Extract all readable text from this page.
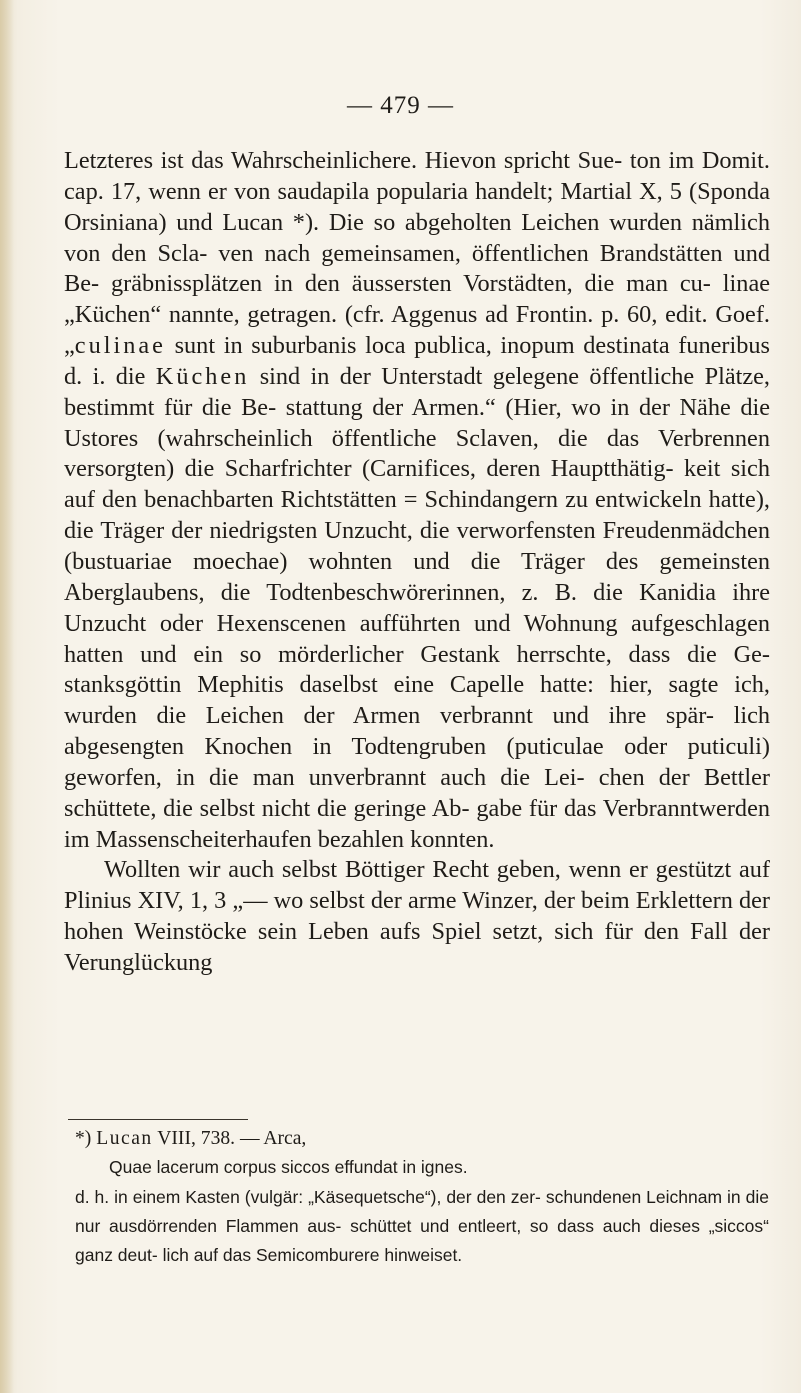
— 479 —

Letzteres ist das Wahrscheinlichere. Hievon spricht Sue- ton im Domit. cap. 17, wenn er von saudapila popularia handelt; Martial X, 5 (Sponda Orsiniana) und Lucan *). Die so abgeholten Leichen wurden nämlich von den Scla- ven nach gemeinsamen, öffentlichen Brandstätten und Be- gräbnissplätzen in den äussersten Vorstädten, die man cu- linae „Küchen“ nannte, getragen. (cfr. Aggenus ad Frontin. p. 60, edit. Goef. „culinae sunt in suburbanis loca publica, inopum destinata funeribus d. i. die Küchen sind in der Unterstadt gelegene öffentliche Plätze, bestimmt für die Be- stattung der Armen.“ (Hier, wo in der Nähe die Ustores (wahrscheinlich öffentliche Sclaven, die das Verbrennen versorgten) die Scharfrichter (Carnifices, deren Hauptthätig- keit sich auf den benachbarten Richtstätten = Schindangern zu entwickeln hatte), die Träger der niedrigsten Unzucht, die verworfensten Freudenmädchen (bustuariae moechae) wohnten und die Träger des gemeinsten Aberglaubens, die Todtenbeschwörerinnen, z. B. die Kanidia ihre Unzucht oder Hexenscenen aufführten und Wohnung aufgeschlagen hatten und ein so mörderlicher Gestank herrschte, dass die Ge- stanksgöttin Mephitis daselbst eine Capelle hatte: hier, sagte ich, wurden die Leichen der Armen verbrannt und ihre spär- lich abgesengten Knochen in Todtengruben (puticulae oder puticuli) geworfen, in die man unverbrannt auch die Lei- chen der Bettler schüttete, die selbst nicht die geringe Ab- gabe für das Verbranntwerden im Massenscheiterhaufen bezahlen konnten.

Wollten wir auch selbst Böttiger Recht geben, wenn er gestützt auf Plinius XIV, 1, 3 „— wo selbst der arme Winzer, der beim Erklettern der hohen Weinstöcke sein Leben aufs Spiel setzt, sich für den Fall der Verunglückung

*) Lucan VIII, 738. — Arca,
Quae lacerum corpus siccos effundat in ignes.
d. h. in einem Kasten (vulgär: „Käsequetsche“), der den zer- schundenen Leichnam in die nur ausdörrenden Flammen aus- schüttet und entleert, so dass auch dieses „siccos“ ganz deut- lich auf das Semicomburere hinweiset.
